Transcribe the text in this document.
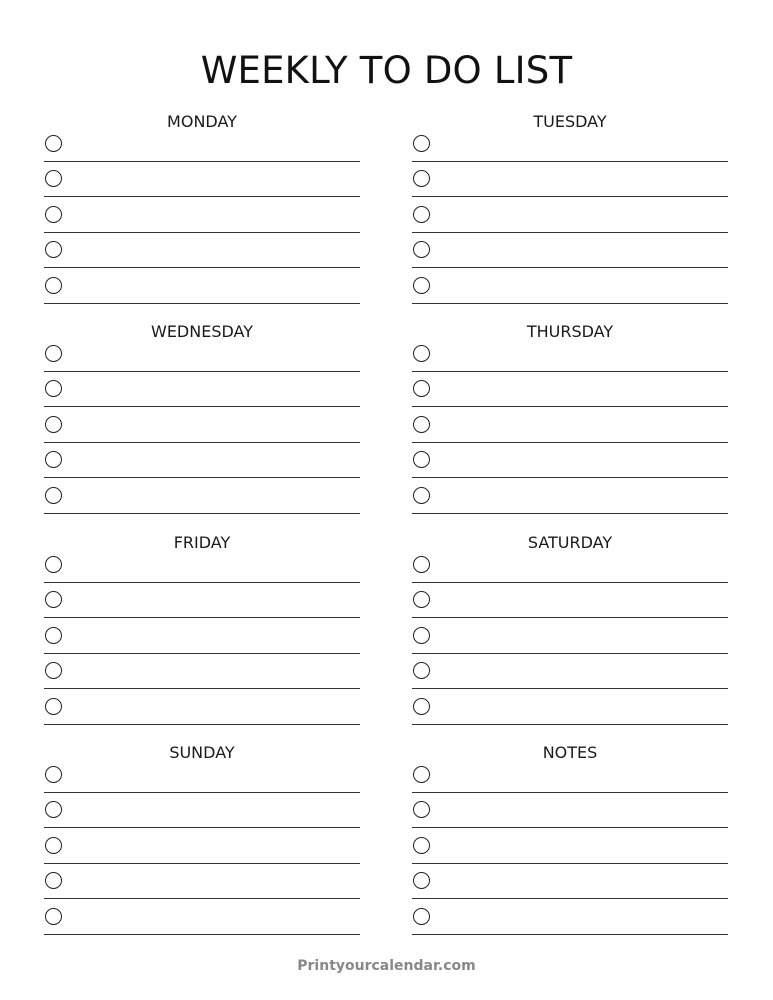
WEEKLY TO DO LIST
MONDAY	TUESDAY
WEDNESDAY	THURSDAY
FRIDAY	SATURDAY
SUNDAY	NOTES
Printyourcalendar.com
